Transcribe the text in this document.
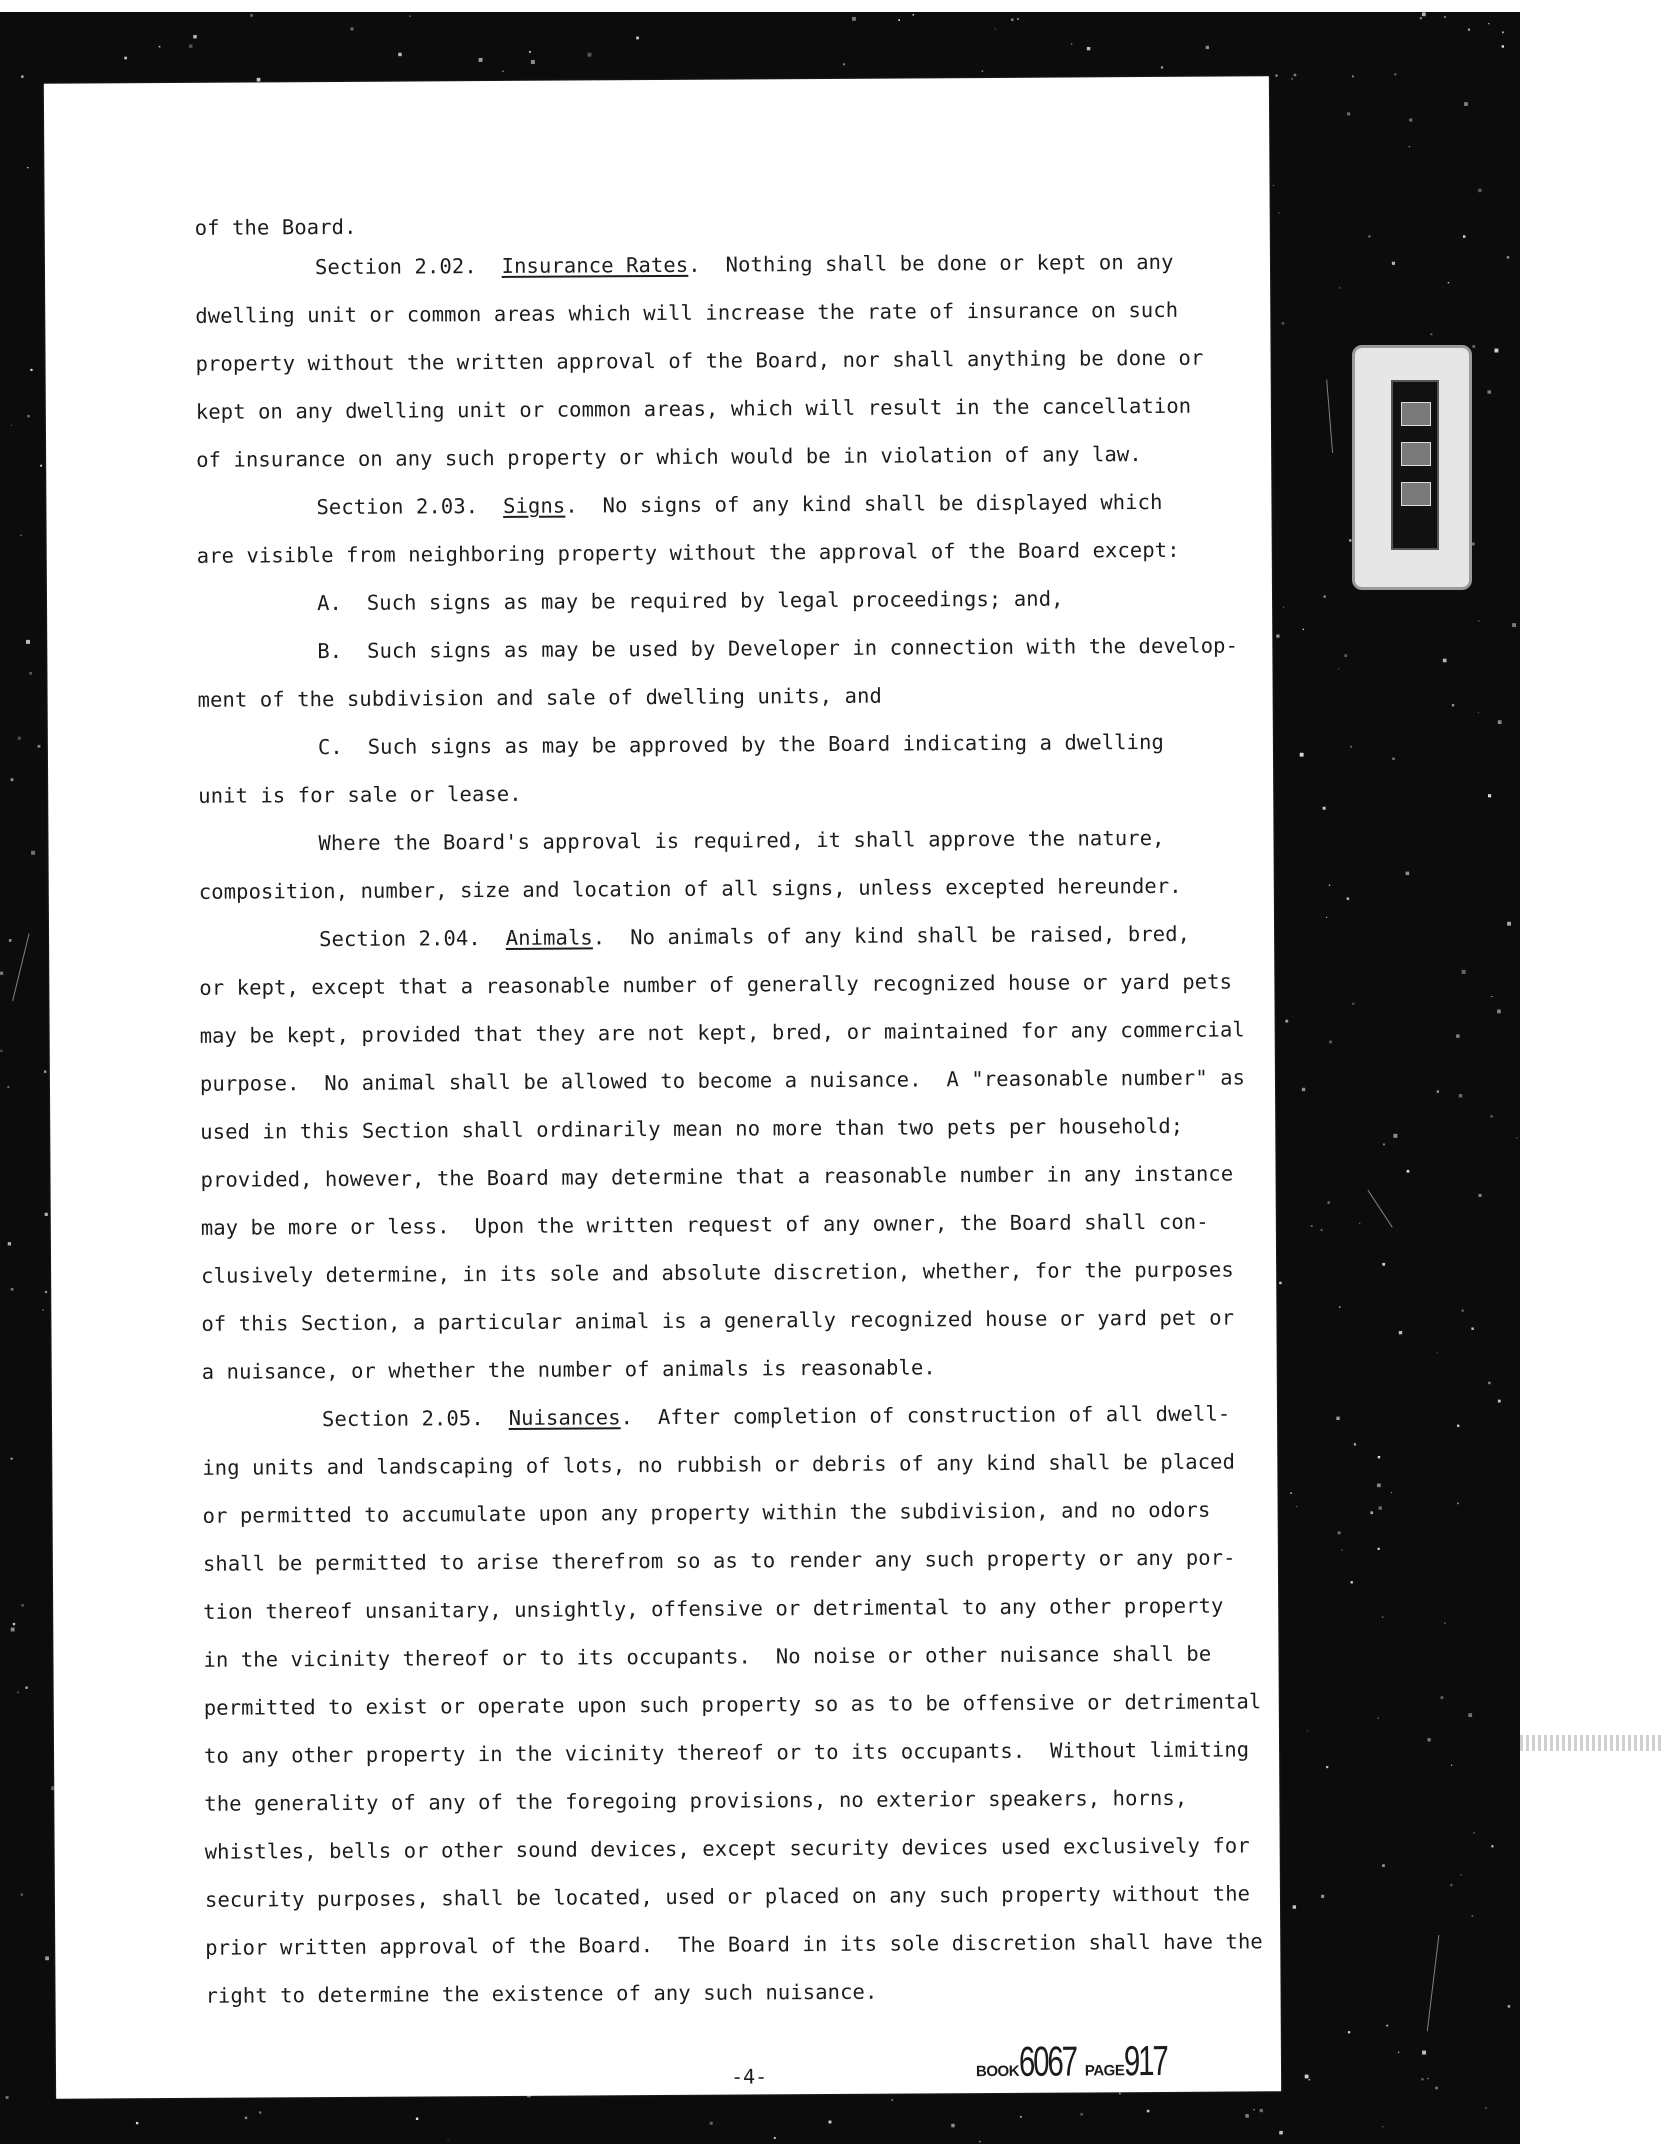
of the Board.
Section 2.02. Insurance Rates.  Nothing shall be done or kept on any
dwelling unit or common areas which will increase the rate of insurance on such
property without the written approval of the Board, nor shall anything be done or
kept on any dwelling unit or common areas, which will result in the cancellation
of insurance on any such property or which would be in violation of any law.
Section 2.03. Signs.  No signs of any kind shall be displayed which
are visible from neighboring property without the approval of the Board except:
A.  Such signs as may be required by legal proceedings; and,
B.  Such signs as may be used by Developer in connection with the develop-
ment of the subdivision and sale of dwelling units, and
C.  Such signs as may be approved by the Board indicating a dwelling
unit is for sale or lease.
Where the Board's approval is required, it shall approve the nature,
composition, number, size and location of all signs, unless excepted hereunder.
Section 2.04. Animals.  No animals of any kind shall be raised, bred,
or kept, except that a reasonable number of generally recognized house or yard pets
may be kept, provided that they are not kept, bred, or maintained for any commercial
purpose.  No animal shall be allowed to become a nuisance.  A "reasonable number" as
used in this Section shall ordinarily mean no more than two pets per household;
provided, however, the Board may determine that a reasonable number in any instance
may be more or less.  Upon the written request of any owner, the Board shall con-
clusively determine, in its sole and absolute discretion, whether, for the purposes
of this Section, a particular animal is a generally recognized house or yard pet or
a nuisance, or whether the number of animals is reasonable.
Section 2.05. Nuisances.  After completion of construction of all dwell-
ing units and landscaping of lots, no rubbish or debris of any kind shall be placed
or permitted to accumulate upon any property within the subdivision, and no odors
shall be permitted to arise therefrom so as to render any such property or any por-
tion thereof unsanitary, unsightly, offensive or detrimental to any other property
in the vicinity thereof or to its occupants.  No noise or other nuisance shall be
permitted to exist or operate upon such property so as to be offensive or detrimental
to any other property in the vicinity thereof or to its occupants.  Without limiting
the generality of any of the foregoing provisions, no exterior speakers, horns,
whistles, bells or other sound devices, except security devices used exclusively for
security purposes, shall be located, used or placed on any such property without the
prior written approval of the Board.  The Board in its sole discretion shall have the
right to determine the existence of any such nuisance.
-4-	BOOK6067 PAGE917
